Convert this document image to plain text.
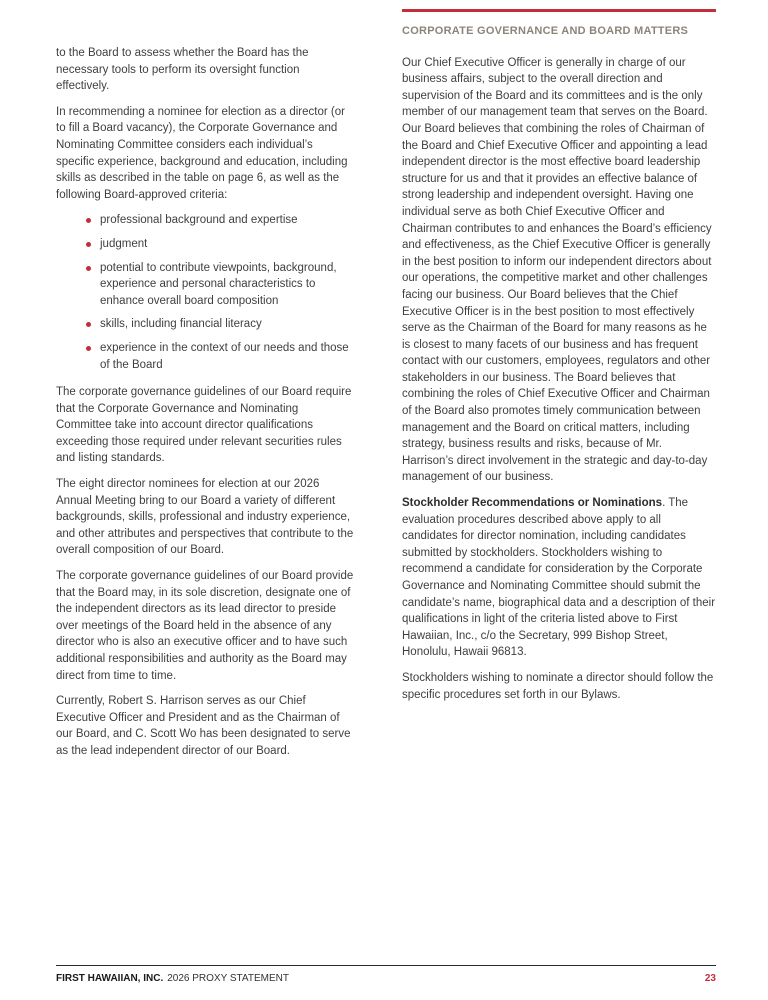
to the Board to assess whether the Board has the necessary tools to perform its oversight function effectively.

In recommending a nominee for election as a director (or to fill a Board vacancy), the Corporate Governance and Nominating Committee considers each individual’s specific experience, background and education, including skills as described in the table on page 6, as well as the following Board-approved criteria:

professional background and expertise
judgment
potential to contribute viewpoints, background, experience and personal characteristics to enhance overall board composition
skills, including financial literacy
experience in the context of our needs and those of the Board

The corporate governance guidelines of our Board require that the Corporate Governance and Nominating Committee take into account director qualifications exceeding those required under relevant securities rules and listing standards.

The eight director nominees for election at our 2026 Annual Meeting bring to our Board a variety of different backgrounds, skills, professional and industry experience, and other attributes and perspectives that contribute to the overall composition of our Board.

The corporate governance guidelines of our Board provide that the Board may, in its sole discretion, designate one of the independent directors as its lead director to preside over meetings of the Board held in the absence of any director who is also an executive officer and to have such additional responsibilities and authority as the Board may direct from time to time.

Currently, Robert S. Harrison serves as our Chief Executive Officer and President and as the Chairman of our Board, and C. Scott Wo has been designated to serve as the lead independent director of our Board.

CORPORATE GOVERNANCE AND BOARD MATTERS

Our Chief Executive Officer is generally in charge of our business affairs, subject to the overall direction and supervision of the Board and its committees and is the only member of our management team that serves on the Board. Our Board believes that combining the roles of Chairman of the Board and Chief Executive Officer and appointing a lead independent director is the most effective board leadership structure for us and that it provides an effective balance of strong leadership and independent oversight. Having one individual serve as both Chief Executive Officer and Chairman contributes to and enhances the Board’s efficiency and effectiveness, as the Chief Executive Officer is generally in the best position to inform our independent directors about our operations, the competitive market and other challenges facing our business. Our Board believes that the Chief Executive Officer is in the best position to most effectively serve as the Chairman of the Board for many reasons as he is closest to many facets of our business and has frequent contact with our customers, employees, regulators and other stakeholders in our business. The Board believes that combining the roles of Chief Executive Officer and Chairman of the Board also promotes timely communication between management and the Board on critical matters, including strategy, business results and risks, because of Mr. Harrison’s direct involvement in the strategic and day-to-day management of our business.

Stockholder Recommendations or Nominations. The evaluation procedures described above apply to all candidates for director nomination, including candidates submitted by stockholders. Stockholders wishing to recommend a candidate for consideration by the Corporate Governance and Nominating Committee should submit the candidate’s name, biographical data and a description of their qualifications in light of the criteria listed above to First Hawaiian, Inc., c/o the Secretary, 999 Bishop Street, Honolulu, Hawaii 96813.

Stockholders wishing to nominate a director should follow the specific procedures set forth in our Bylaws.

FIRST HAWAIIAN, INC. 2026 PROXY STATEMENT	23
